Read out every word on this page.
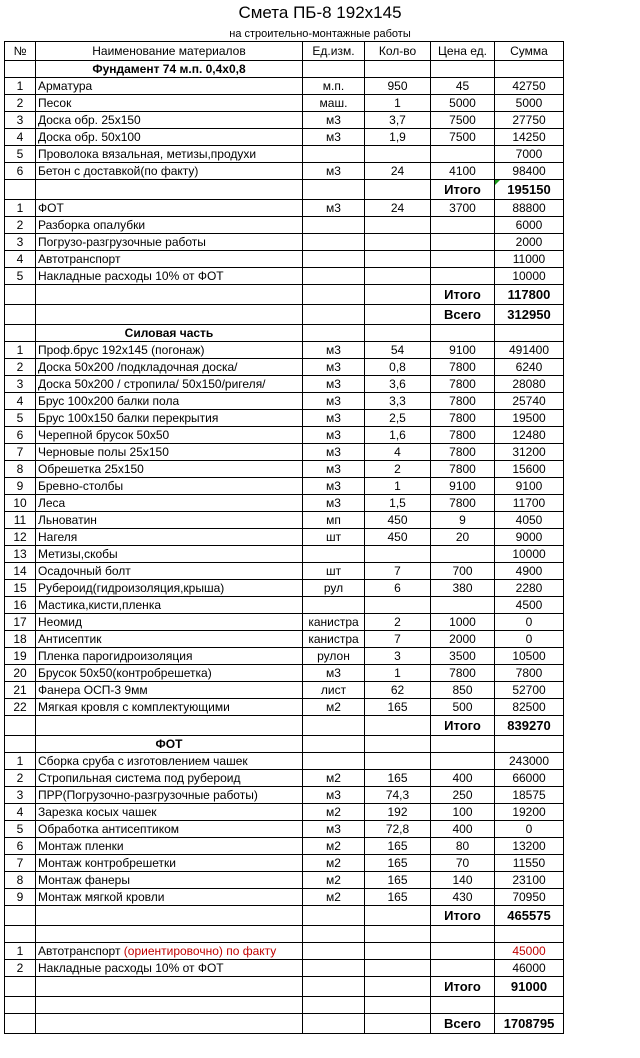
Смета ПБ-8 192x145
на строительно-монтажные работы
№	Наименование материалов	Ед.изм.	Кол-во	Цена ед.	Сумма
	Фундамент 74 м.п. 0,4х0,8				
1	Арматура	м.п.	950	45	42750
2	Песок	маш.	1	5000	5000
3	Доска обр. 25х150	м3	3,7	7500	27750
4	Доска обр. 50х100	м3	1,9	7500	14250
5	Проволока вязальная, метизы,продухи				7000
6	Бетон с доставкой(по факту)	м3	24	4100	98400
				Итого	195150
1	ФОТ	м3	24	3700	88800
2	Разборка опалубки				6000
3	Погрузо-разгрузочные работы				2000
4	Автотранспорт				11000
5	Накладные расходы 10% от ФОТ				10000
				Итого	117800
				Всего	312950
	Силовая часть				
1	Проф.брус 192х145 (погонаж)	м3	54	9100	491400
2	Доска 50х200 /подкладочная доска/	м3	0,8	7800	6240
3	Доска 50х200 / стропила/ 50х150/ригеля/	м3	3,6	7800	28080
4	Брус 100х200 балки пола	м3	3,3	7800	25740
5	Брус 100х150 балки перекрытия	м3	2,5	7800	19500
6	Черепной брусок 50х50	м3	1,6	7800	12480
7	Черновые полы 25х150	м3	4	7800	31200
8	Обрешетка 25х150	м3	2	7800	15600
9	Бревно-столбы	м3	1	9100	9100
10	Леса	м3	1,5	7800	11700
11	Льноватин	мп	450	9	4050
12	Нагеля	шт	450	20	9000
13	Метизы,скобы				10000
14	Осадочный болт	шт	7	700	4900
15	Рубероид(гидроизоляция,крыша)	рул	6	380	2280
16	Мастика,кисти,пленка				4500
17	Неомид	канистра	2	1000	0
18	Антисептик	канистра	7	2000	0
19	Пленка парогидроизоляция	рулон	3	3500	10500
20	Брусок 50х50(контробрешетка)	м3	1	7800	7800
21	Фанера ОСП-3 9мм	лист	62	850	52700
22	Мягкая кровля с комплектующими	м2	165	500	82500
				Итого	839270
	ФОТ				
1	Сборка сруба с изготовлением чашек				243000
2	Стропильная система под рубероид	м2	165	400	66000
3	ПРР(Погрузочно-разгрузочные работы)	м3	74,3	250	18575
4	Зарезка косых чашек	м2	192	100	19200
5	Обработка антисептиком	м3	72,8	400	0
6	Монтаж пленки	м2	165	80	13200
7	Монтаж контробрешетки	м2	165	70	11550
8	Монтаж фанеры	м2	165	140	23100
9	Монтаж мягкой кровли	м2	165	430	70950
				Итого	465575

1	Автотранспорт (ориентировочно) по факту				45000
2	Накладные расходы 10% от ФОТ				46000
				Итого	91000

				Всего	1708795
